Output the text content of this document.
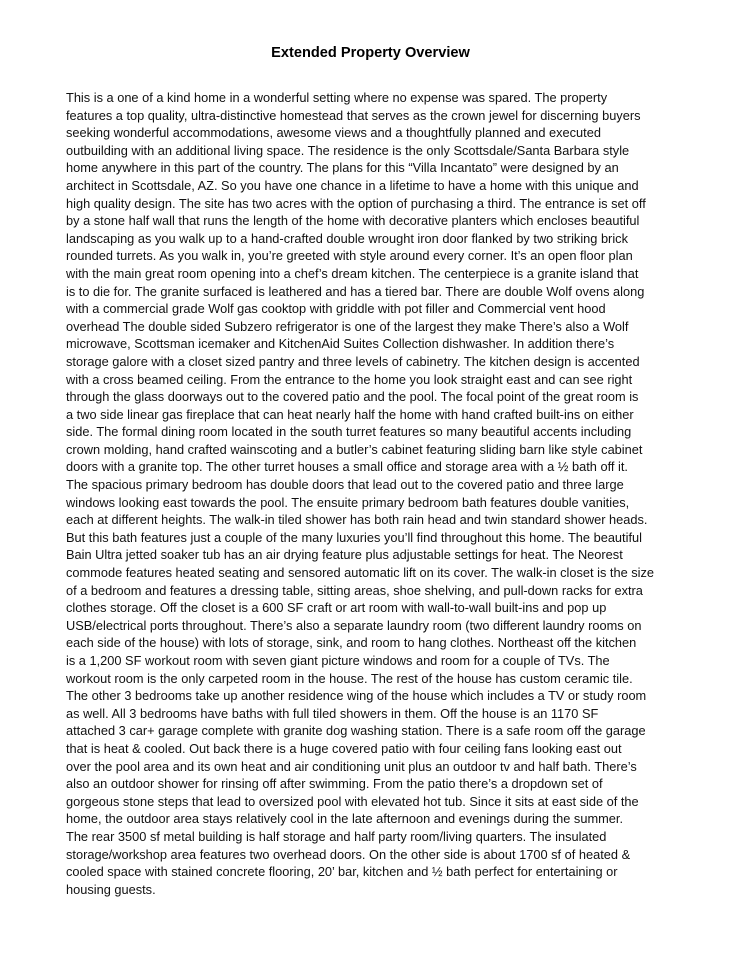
Extended Property Overview
This is a one of a kind home in a wonderful setting where no expense was spared. The property
features a top quality, ultra-distinctive homestead that serves as the crown jewel for discerning buyers
seeking wonderful accommodations, awesome views and a thoughtfully planned and executed
outbuilding with an additional living space. The residence is the only Scottsdale/Santa Barbara style
home anywhere in this part of the country. The plans for this “Villa Incantato” were designed by an
architect in Scottsdale, AZ. So you have one chance in a lifetime to have a home with this unique and
high quality design. The site has two acres with the option of purchasing a third. The entrance is set off
by a stone half wall that runs the length of the home with decorative planters which encloses beautiful
landscaping as you walk up to a hand-crafted double wrought iron door flanked by two striking brick
rounded turrets. As you walk in, you’re greeted with style around every corner. It’s an open floor plan
with the main great room opening into a chef’s dream kitchen. The centerpiece is a granite island that
is to die for. The granite surfaced is leathered and has a tiered bar. There are double Wolf ovens along
with a commercial grade Wolf gas cooktop with griddle with pot filler and Commercial vent hood
overhead The double sided Subzero refrigerator is one of the largest they make There’s also a Wolf
microwave, Scottsman icemaker and KitchenAid Suites Collection dishwasher. In addition there’s
storage galore with a closet sized pantry and three levels of cabinetry. The kitchen design is accented
with a cross beamed ceiling. From the entrance to the home you look straight east and can see right
through the glass doorways out to the covered patio and the pool. The focal point of the great room is
a two side linear gas fireplace that can heat nearly half the home with hand crafted built-ins on either
side. The formal dining room located in the south turret features so many beautiful accents including
crown molding, hand crafted wainscoting and a butler’s cabinet featuring sliding barn like style cabinet
doors with a granite top. The other turret houses a small office and storage area with a ½ bath off it.
The spacious primary bedroom has double doors that lead out to the covered patio and three large
windows looking east towards the pool. The ensuite primary bedroom bath features double vanities,
each at different heights. The walk-in tiled shower has both rain head and twin standard shower heads.
But this bath features just a couple of the many luxuries you’ll find throughout this home. The beautiful
Bain Ultra jetted soaker tub has an air drying feature plus adjustable settings for heat. The Neorest
commode features heated seating and sensored automatic lift on its cover. The walk-in closet is the size
of a bedroom and features a dressing table, sitting areas, shoe shelving, and pull-down racks for extra
clothes storage. Off the closet is a 600 SF craft or art room with wall-to-wall built-ins and pop up
USB/electrical ports throughout. There’s also a separate laundry room (two different laundry rooms on
each side of the house) with lots of storage, sink, and room to hang clothes. Northeast off the kitchen
is a 1,200 SF workout room with seven giant picture windows and room for a couple of TVs. The
workout room is the only carpeted room in the house. The rest of the house has custom ceramic tile.
The other 3 bedrooms take up another residence wing of the house which includes a TV or study room
as well. All 3 bedrooms have baths with full tiled showers in them. Off the house is an 1170 SF
attached 3 car+ garage complete with granite dog washing station. There is a safe room off the garage
that is heat & cooled. Out back there is a huge covered patio with four ceiling fans looking east out
over the pool area and its own heat and air conditioning unit plus an outdoor tv and half bath. There’s
also an outdoor shower for rinsing off after swimming. From the patio there’s a dropdown set of
gorgeous stone steps that lead to oversized pool with elevated hot tub. Since it sits at east side of the
home, the outdoor area stays relatively cool in the late afternoon and evenings during the summer.
The rear 3500 sf metal building is half storage and half party room/living quarters. The insulated
storage/workshop area features two overhead doors. On the other side is about 1700 sf of heated &
cooled space with stained concrete flooring, 20’ bar, kitchen and ½ bath perfect for entertaining or
housing guests.
